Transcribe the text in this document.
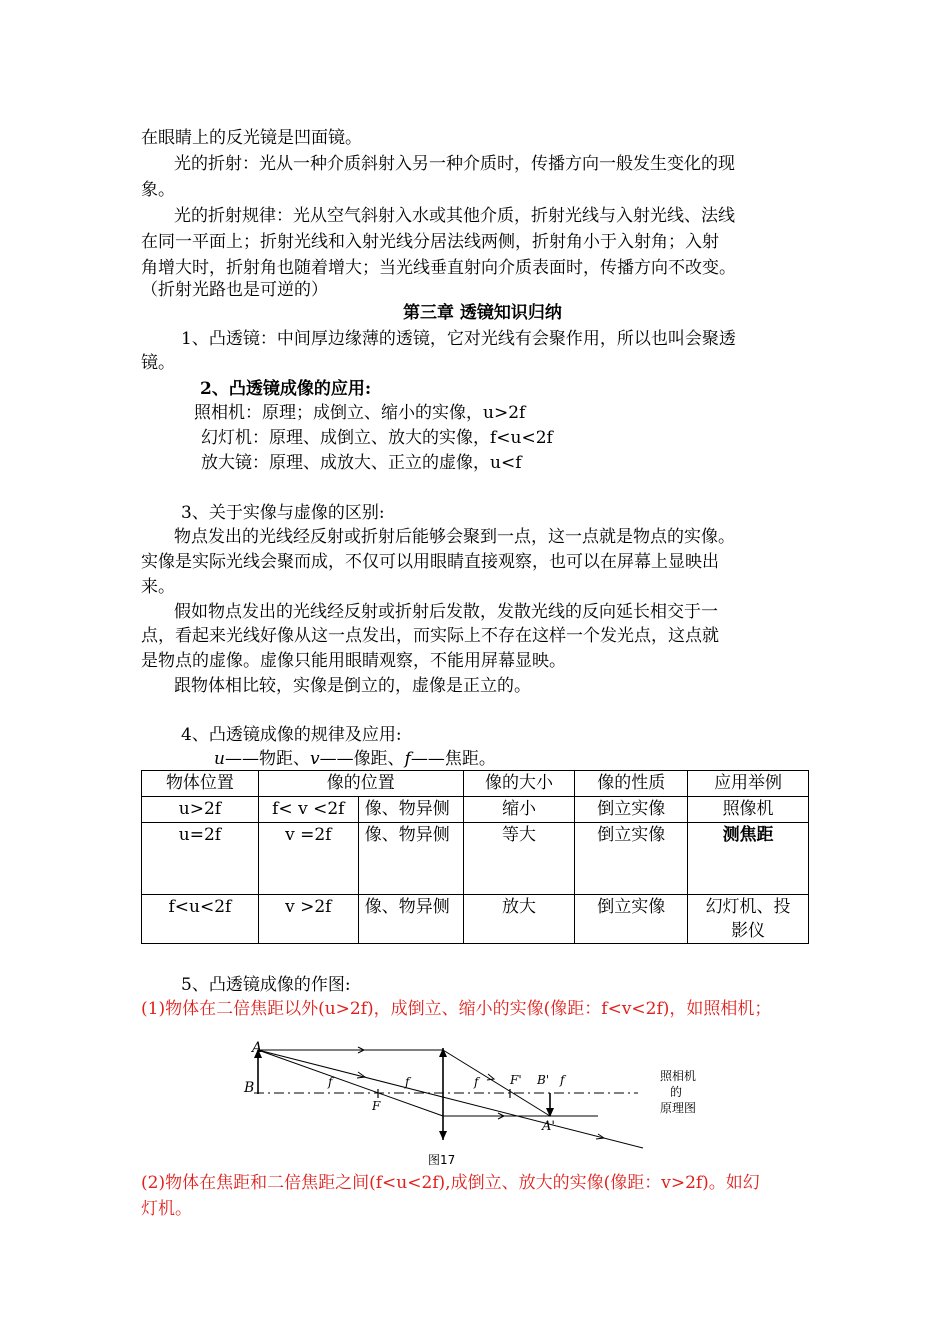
在眼睛上的反光镜是凹面镜。
光的折射：光从一种介质斜射入另一种介质时，传播方向一般发生变化的现
象。
光的折射规律：光从空气斜射入水或其他介质，折射光线与入射光线、法线
在同一平面上；折射光线和入射光线分居法线两侧，折射角小于入射角；入射
角增大时，折射角也随着增大；当光线垂直射向介质表面时，传播方向不改变。
（折射光路也是可逆的）
第三章 透镜知识归纳
1、凸透镜：中间厚边缘薄的透镜，它对光线有会聚作用，所以也叫会聚透
镜。
2、凸透镜成像的应用:
照相机：原理；成倒立、缩小的实像，u>2f
幻灯机：原理、成倒立、放大的实像，f<u<2f
放大镜：原理、成放大、正立的虚像，u<f
3、关于实像与虚像的区别:
物点发出的光线经反射或折射后能够会聚到一点，这一点就是物点的实像。
实像是实际光线会聚而成，不仅可以用眼睛直接观察，也可以在屏幕上显映出
来。
假如物点发出的光线经反射或折射后发散，发散光线的反向延长相交于一
点，看起来光线好像从这一点发出，而实际上不存在这样一个发光点，这点就
是物点的虚像。虚像只能用眼睛观察，不能用屏幕显映。
跟物体相比较，实像是倒立的，虚像是正立的。
4、凸透镜成像的规律及应用:
u——物距、v——像距、f——焦距。
物体位置	像的位置		像的大小	像的性质	应用举例
u>2f	f< v <2f	像、物异侧	缩小	倒立实像	照像机
u=2f	v =2f	像、物异侧	等大	倒立实像	测焦距
f<u<2f	v >2f	像、物异侧	放大	倒立实像	幻灯机、投影仪
5、凸透镜成像的作图:
(1)物体在二倍焦距以外(u>2f)，成倒立、缩小的实像(像距：f<v<2f)，如照相机；
A
B	f	f
F
f	F' B' f
A'
照相机
的
原理图
图17
(2)物体在焦距和二倍焦距之间(f<u<2f),成倒立、放大的实像(像距：v>2f)。如幻
灯机。
